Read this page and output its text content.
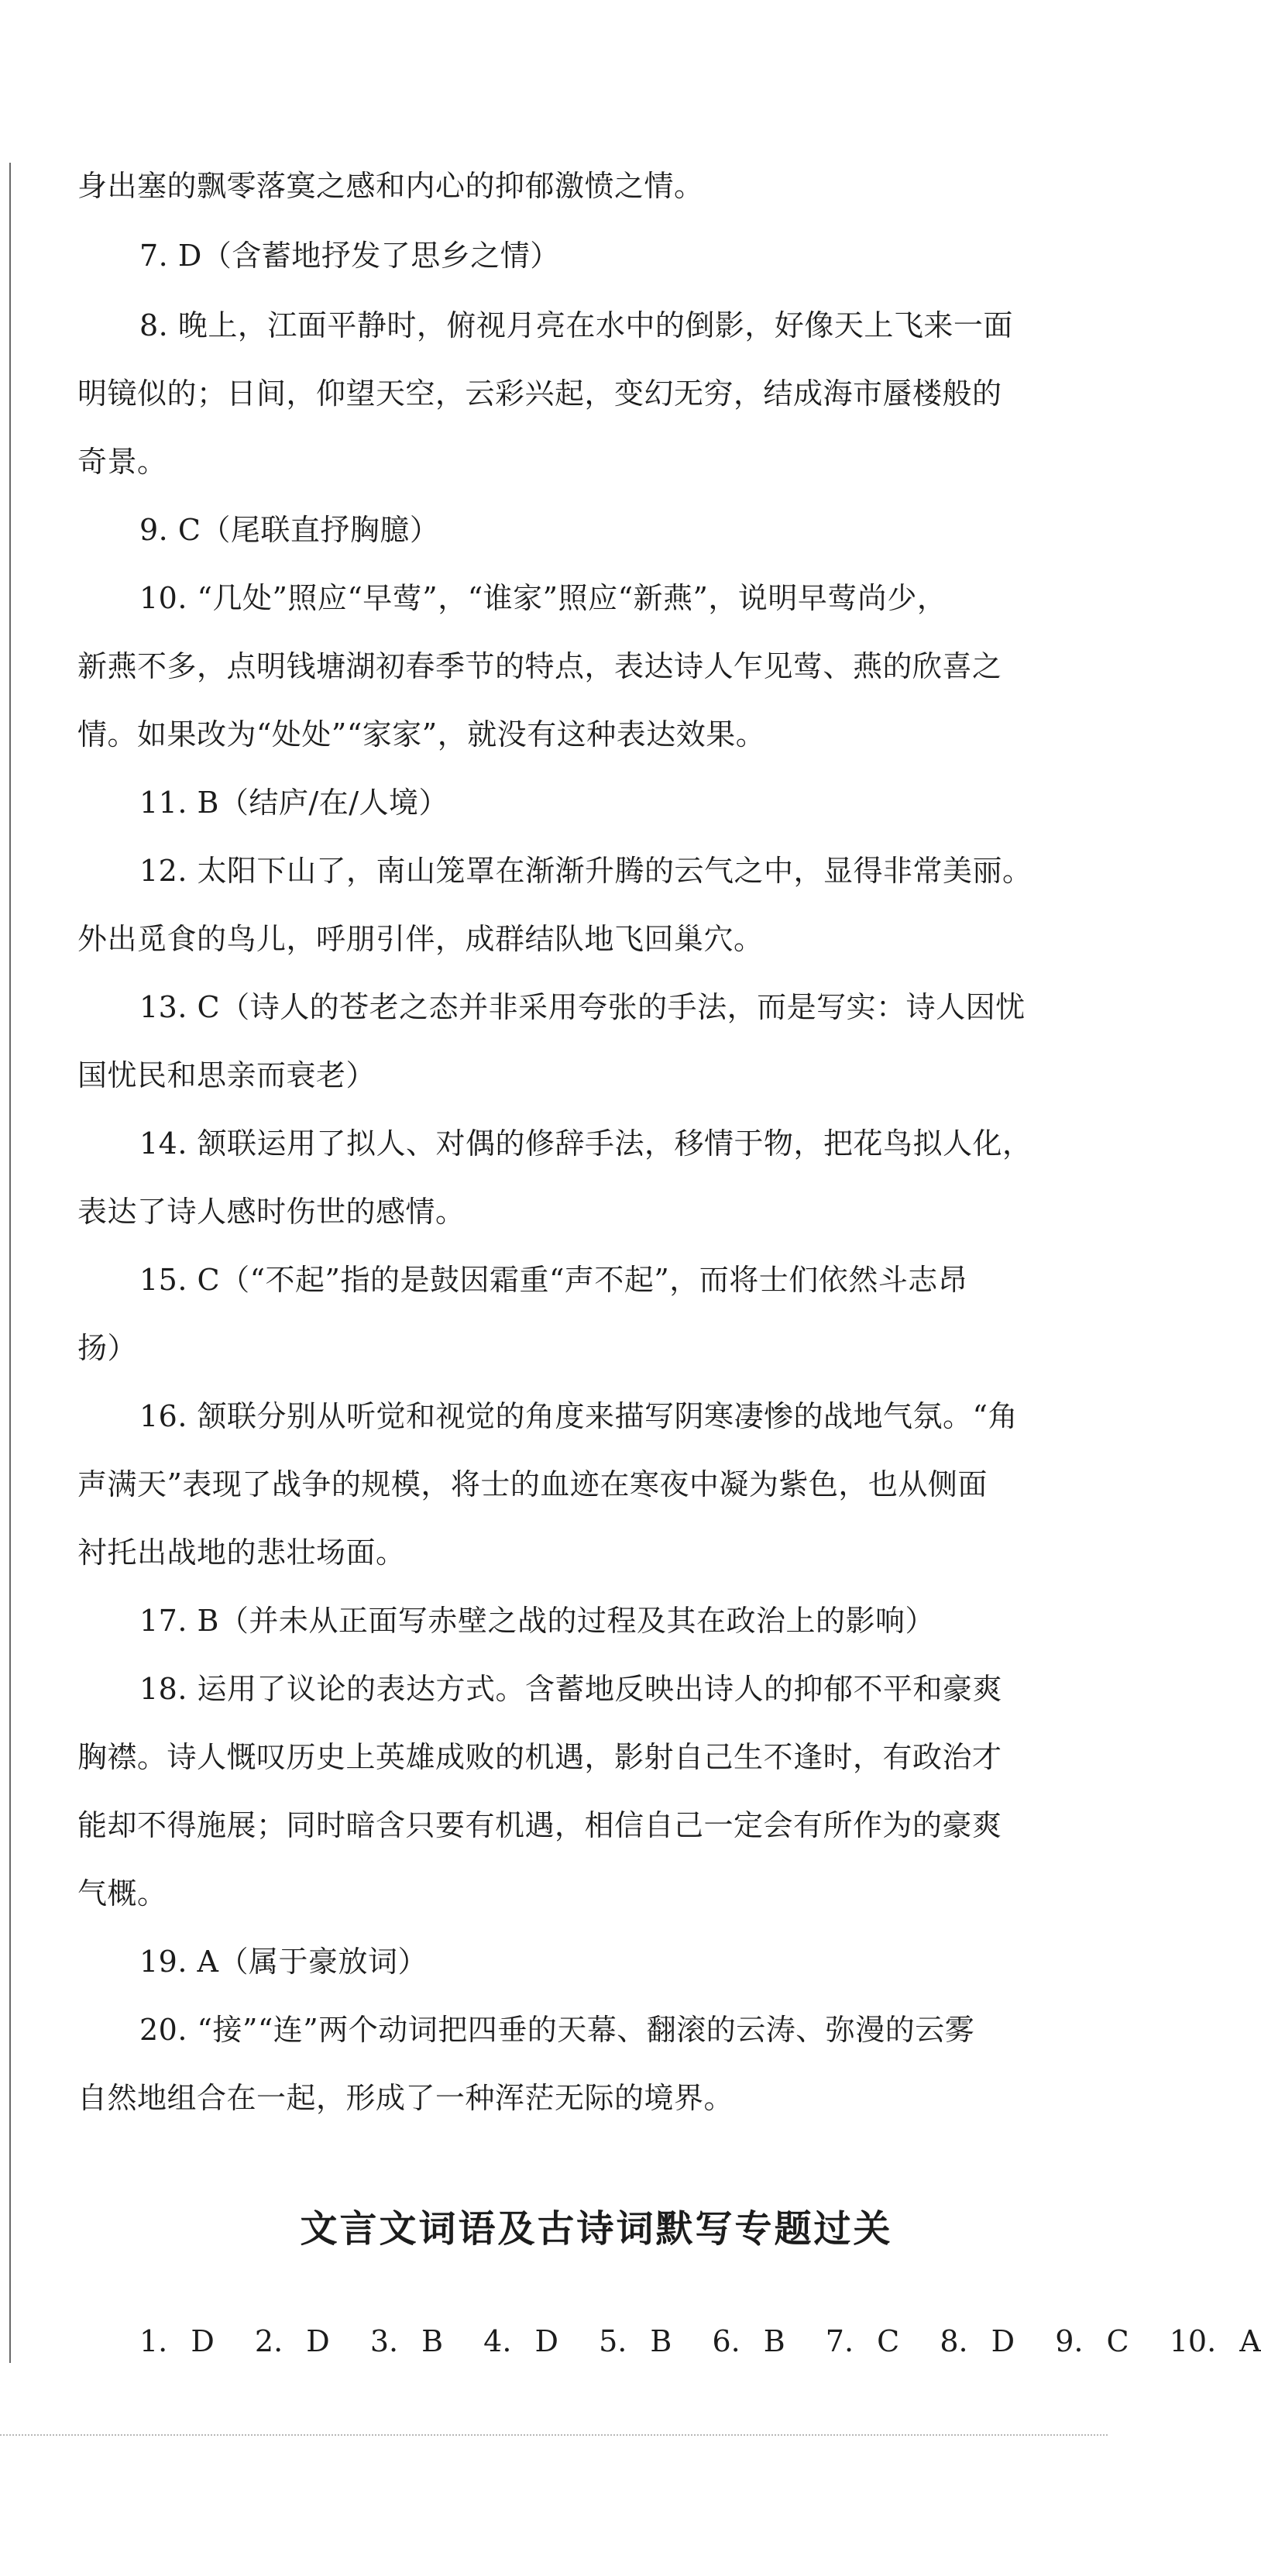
身出塞的飘零落寞之感和内心的抑郁激愤之情。
7. D（含蓄地抒发了思乡之情）
8. 晚上，江面平静时，俯视月亮在水中的倒影，好像天上飞来一面
明镜似的；日间，仰望天空，云彩兴起，变幻无穷，结成海市蜃楼般的
奇景。
9. C（尾联直抒胸臆）
10. “几处”照应“早莺”，“谁家”照应“新燕”，说明早莺尚少，
新燕不多，点明钱塘湖初春季节的特点，表达诗人乍见莺、燕的欣喜之
情。如果改为“处处”“家家”，就没有这种表达效果。
11. B（结庐/在/人境）
12. 太阳下山了，南山笼罩在渐渐升腾的云气之中，显得非常美丽。
外出觅食的鸟儿，呼朋引伴，成群结队地飞回巢穴。
13. C（诗人的苍老之态并非采用夸张的手法，而是写实：诗人因忧
国忧民和思亲而衰老）
14. 颔联运用了拟人、对偶的修辞手法，移情于物，把花鸟拟人化，
表达了诗人感时伤世的感情。
15. C（“不起”指的是鼓因霜重“声不起”，而将士们依然斗志昂
扬）
16. 颔联分别从听觉和视觉的角度来描写阴寒凄惨的战地气氛。“角
声满天”表现了战争的规模，将士的血迹在寒夜中凝为紫色，也从侧面
衬托出战地的悲壮场面。
17. B（并未从正面写赤壁之战的过程及其在政治上的影响）
18. 运用了议论的表达方式。含蓄地反映出诗人的抑郁不平和豪爽
胸襟。诗人慨叹历史上英雄成败的机遇，影射自己生不逢时，有政治才
能却不得施展；同时暗含只要有机遇，相信自己一定会有所作为的豪爽
气概。
19. A（属于豪放词）
20. “接”“连”两个动词把四垂的天幕、翻滚的云涛、弥漫的云雾
自然地组合在一起，形成了一种浑茫无际的境界。
文言文词语及古诗词默写专题过关
1. D 2. D 3. B 4. D 5. B 6. B 7. C 8. D 9. C 10. A
